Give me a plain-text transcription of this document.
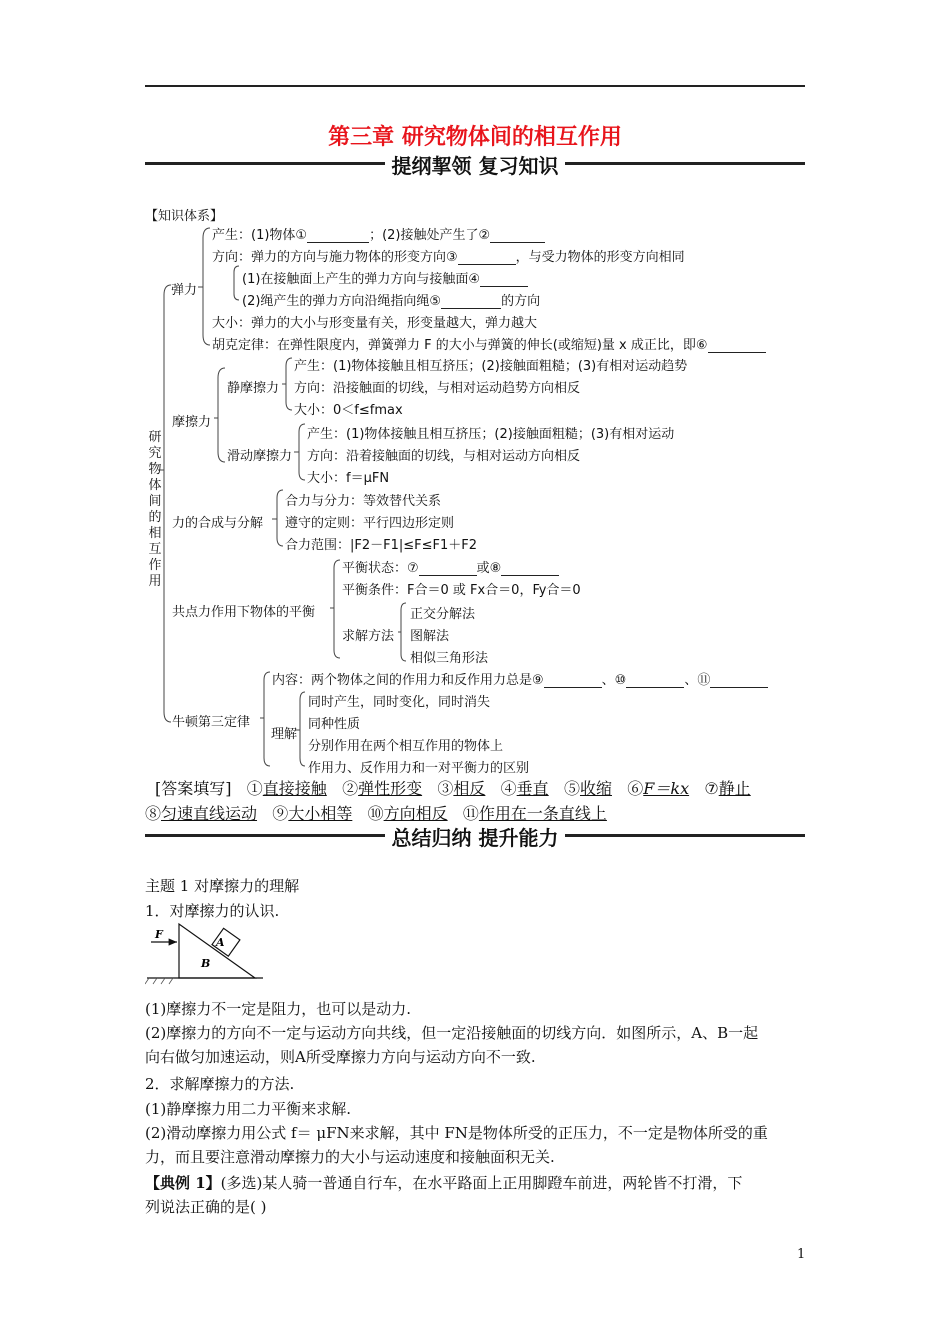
第三章 研究物体间的相互作用
提纲挈领 复习知识
【知识体系】
研究物体间的相互作用
弹力
产生：(1)物体①	；(2)接触处产生了②
方向：弹力的方向与施力物体的形变方向③	，与受力物体的形变方向相同
(1)在接触面上产生的弹力方向与接触面④
(2)绳产生的弹力方向沿绳指向绳⑤	的方向
大小：弹力的大小与形变量有关，形变量越大，弹力越大
胡克定律：在弹性限度内，弹簧弹力 F 的大小与弹簧的伸长(或缩短)量 x 成正比，即⑥
摩擦力
静摩擦力
产生：(1)物体接触且相互挤压；(2)接触面粗糙；(3)有相对运动趋势
方向：沿接触面的切线，与相对运动趋势方向相反
大小：0＜f≤fmax
滑动摩擦力
产生：(1)物体接触且相互挤压；(2)接触面粗糙；(3)有相对运动
方向：沿着接触面的切线，与相对运动方向相反
大小：f＝μFN
力的合成与分解
合力与分力：等效替代关系
遵守的定则：平行四边形定则
合力范围：|F2－F1|≤F≤F1＋F2
共点力作用下物体的平衡
平衡状态：⑦	或⑧
平衡条件：F合＝0 或 Fx合＝0，Fy合＝0
求解方法
正交分解法
图解法
相似三角形法
牛顿第三定律
内容：两个物体之间的作用力和反作用力总是⑨	、⑩	、⑪
理解
同时产生，同时变化，同时消失
同种性质
分别作用在两个相互作用的物体上
作用力、反作用力和一对平衡力的区别
[答案填写] ①直接接触 ②弹性形变 ③相反 ④垂直 ⑤收缩 ⑥F＝kx ⑦静止
⑧匀速直线运动 ⑨大小相等 ⑩方向相反 ⑪作用在一条直线上
总结归纳 提升能力
主题 1 对摩擦力的理解
1．对摩擦力的认识.
F
A
B
(1)摩擦力不一定是阻力，也可以是动力.
(2)摩擦力的方向不一定与运动方向共线，但一定沿接触面的切线方向．如图所示，A、B一起
向右做匀加速运动，则A所受摩擦力方向与运动方向不一致.
2．求解摩擦力的方法.
(1)静摩擦力用二力平衡来求解.
(2)滑动摩擦力用公式 f＝ μFN来求解，其中 FN是物体所受的正压力，不一定是物体所受的重
力，而且要注意滑动摩擦力的大小与运动速度和接触面积无关.
【典例 1】(多选)某人骑一普通自行车，在水平路面上正用脚蹬车前进，两轮皆不打滑，下
列说法正确的是( )
1
